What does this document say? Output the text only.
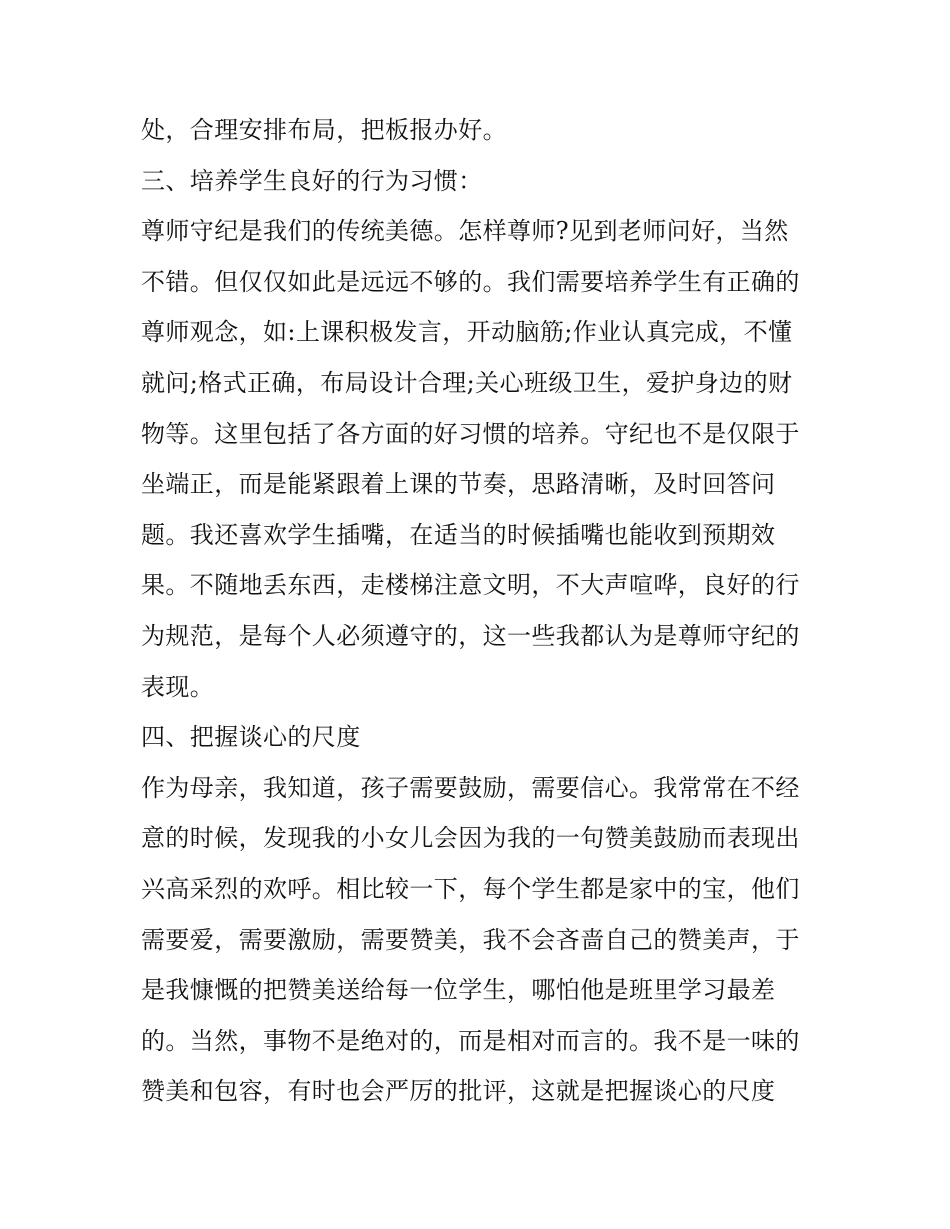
处，合理安排布局，把板报办好。
三、培养学生良好的行为习惯：
尊师守纪是我们的传统美德。怎样尊师?见到老师问好，当然
不错。但仅仅如此是远远不够的。我们需要培养学生有正确的
尊师观念，如:上课积极发言，开动脑筋;作业认真完成，不懂
就问;格式正确，布局设计合理;关心班级卫生，爱护身边的财
物等。这里包括了各方面的好习惯的培养。守纪也不是仅限于
坐端正，而是能紧跟着上课的节奏，思路清晰，及时回答问
题。我还喜欢学生插嘴，在适当的时候插嘴也能收到预期效
果。不随地丢东西，走楼梯注意文明，不大声喧哗，良好的行
为规范，是每个人必须遵守的，这一些我都认为是尊师守纪的
表现。
四、把握谈心的尺度
作为母亲，我知道，孩子需要鼓励，需要信心。我常常在不经
意的时候，发现我的小女儿会因为我的一句赞美鼓励而表现出
兴高采烈的欢呼。相比较一下，每个学生都是家中的宝，他们
需要爱，需要激励，需要赞美，我不会吝啬自己的赞美声，于
是我慷慨的把赞美送给每一位学生，哪怕他是班里学习最差
的。当然，事物不是绝对的，而是相对而言的。我不是一味的
赞美和包容，有时也会严厉的批评，这就是把握谈心的尺度
